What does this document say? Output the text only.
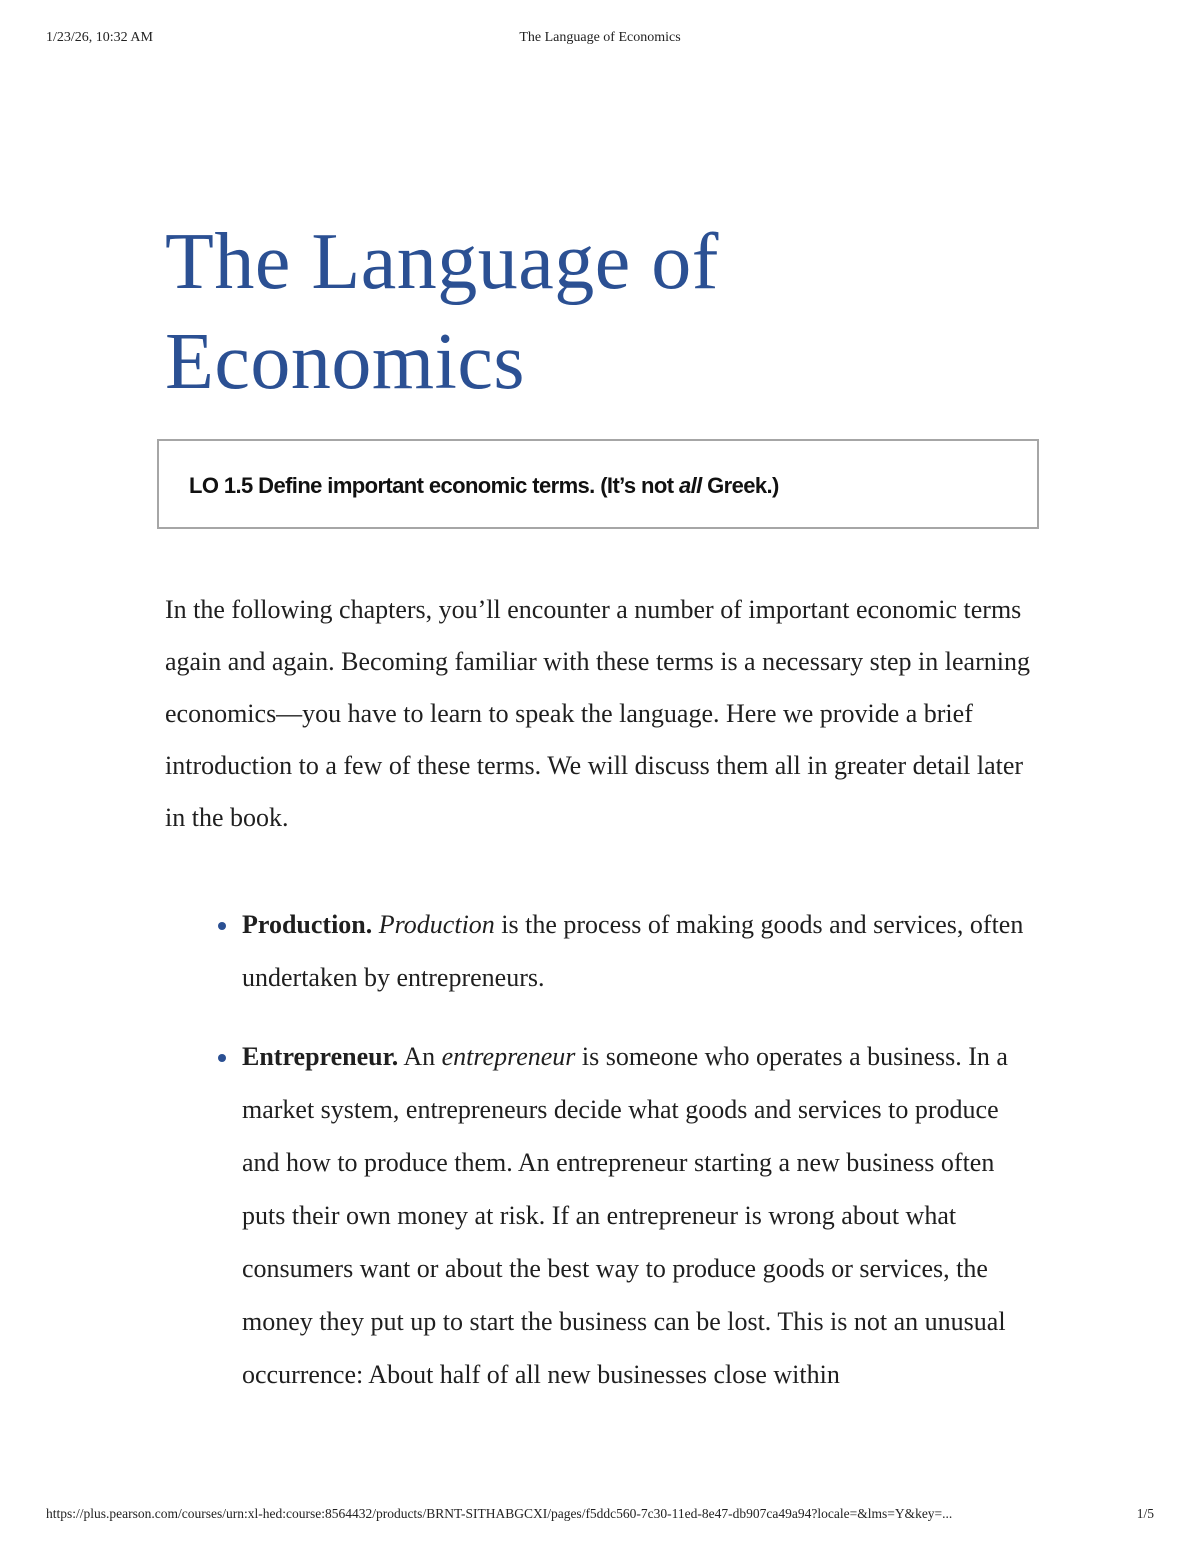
1/23/26, 10:32 AM	The Language of Economics
The Language of
Economics
LO 1.5 Define important economic terms. (It’s not all Greek.)

In the following chapters, you’ll encounter a number of important economic terms again and again. Becoming familiar with these terms is a necessary step in learning economics—you have to learn to speak the language. Here we provide a brief introduction to a few of these terms. We will discuss them all in greater detail later in the book.

Production. Production is the process of making goods and services, often undertaken by entrepreneurs.
Entrepreneur. An entrepreneur is someone who operates a business. In a market system, entrepreneurs decide what goods and services to produce and how to produce them. An entrepreneur starting a new business often puts their own money at risk. If an entrepreneur is wrong about what consumers want or about the best way to produce goods or services, the money they put up to start the business can be lost. This is not an unusual occurrence: About half of all new businesses close within
https://plus.pearson.com/courses/urn:xl-hed:course:8564432/products/BRNT-SITHABGCXI/pages/f5ddc560-7c30-11ed-8e47-db907ca49a94?locale=&lms=Y&key=...	1/5
